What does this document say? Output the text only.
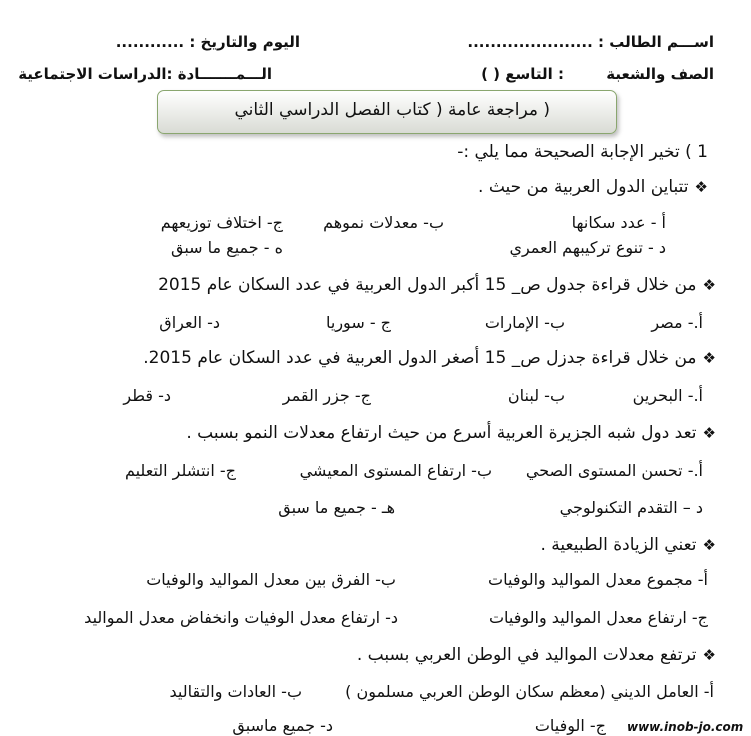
اســـم الطالب : ......................
اليوم والتاريخ : ............
الصف والشعبة
: التاسع ( )
الـــمـــــــادة :الدراسات الاجتماعية
( مراجعة عامة ( كتاب الفصل الدراسي الثاني
1 ) تخير الإجابة الصحيحة مما يلي :-
❖تتباين الدول العربية من حيث .
أ - عدد سكانها
ب- معدلات نموهم
ج- اختلاف توزيعهم
د - تنوع تركيبهم العمري
ه - جميع ما سبق
❖من خلال قراءة جدول ص_ 15 أكبر الدول العربية في عدد السكان عام 2015
أ.- مصر
ب- الإمارات
ج - سوريا
د- العراق
❖من خلال قراءة جدزل ص_ 15 أصغر الدول العربية في عدد السكان عام 2015.
أ.- البحرين
ب- لبنان
ج- جزر القمر
د- قطر
❖تعد دول شبه الجزيرة العربية أسرع من حيث ارتفاع معدلات النمو بسبب .
أ.- تحسن المستوى الصحي
ب- ارتفاع المستوى المعيشي
ج- انتشلر التعليم
د – التقدم التكنولوجي
هـ - جميع ما سبق
❖تعني الزيادة الطبيعية .
أ- مجموع معدل المواليد والوفيات
ب- الفرق بين معدل المواليد والوفيات
ج- ارتفاع معدل المواليد والوفيات
د- ارتفاع معدل الوفيات وانخفاض معدل المواليد
❖ترتفع معدلات المواليد في الوطن العربي بسبب .
أ- العامل الديني (معظم سكان الوطن العربي مسلمون )
ب- العادات والتقاليد
ج- الوفيات
د- جميع ماسبق	www.inob-jo.com
